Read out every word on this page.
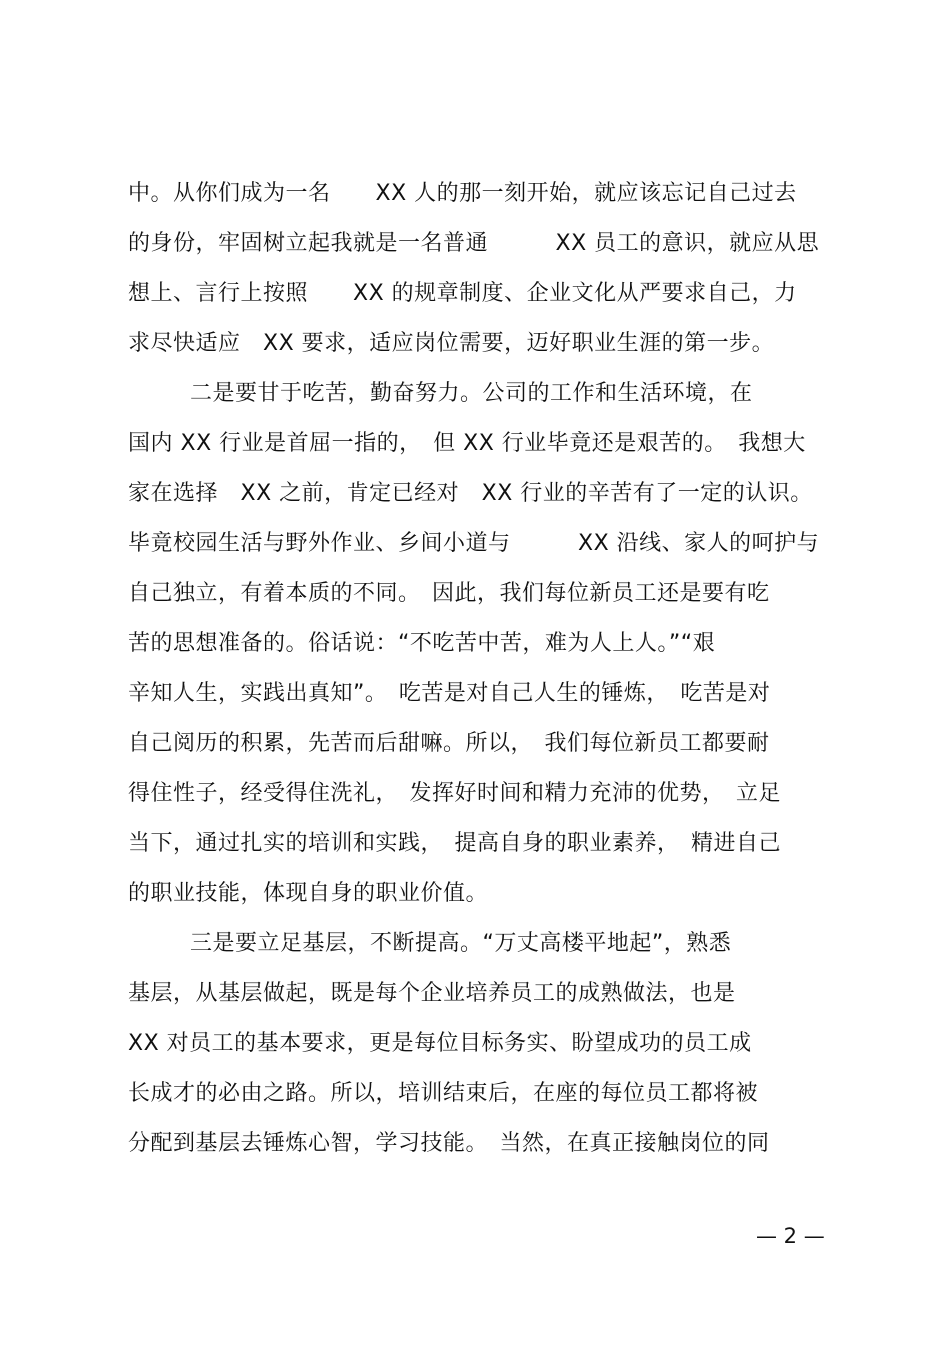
中。从你们成为一名　　XX 人的那一刻开始，就应该忘记自己过去
的身份，牢固树立起我就是一名普通　　　XX 员工的意识，就应从思
想上、言行上按照　　XX 的规章制度、企业文化从严要求自己，力
求尽快适应　XX 要求，适应岗位需要，迈好职业生涯的第一步。
二是要甘于吃苦，勤奋努力。公司的工作和生活环境，在
国内 XX 行业是首屈一指的，　但 XX 行业毕竟还是艰苦的。　我想大
家在选择　XX 之前，肯定已经对　XX 行业的辛苦有了一定的认识。
毕竟校园生活与野外作业、乡间小道与　　　XX 沿线、家人的呵护与
自己独立，有着本质的不同。　因此，我们每位新员工还是要有吃
苦的思想准备的。俗话说：“不吃苦中苦，难为人上人。”“艰
辛知人生，实践出真知”。　吃苦是对自己人生的锤炼，　吃苦是对
自己阅历的积累，先苦而后甜嘛。所以，　我们每位新员工都要耐
得住性子，经受得住洗礼，　发挥好时间和精力充沛的优势，　立足
当下，通过扎实的培训和实践，　提高自身的职业素养，　精进自己
的职业技能，体现自身的职业价值。
三是要立足基层，不断提高。“万丈高楼平地起”，熟悉
基层，从基层做起，既是每个企业培养员工的成熟做法，也是
XX 对员工的基本要求，更是每位目标务实、盼望成功的员工成
长成才的必由之路。所以，培训结束后，在座的每位员工都将被
分配到基层去锤炼心智，学习技能。　当然，在真正接触岗位的同
— 2 —
